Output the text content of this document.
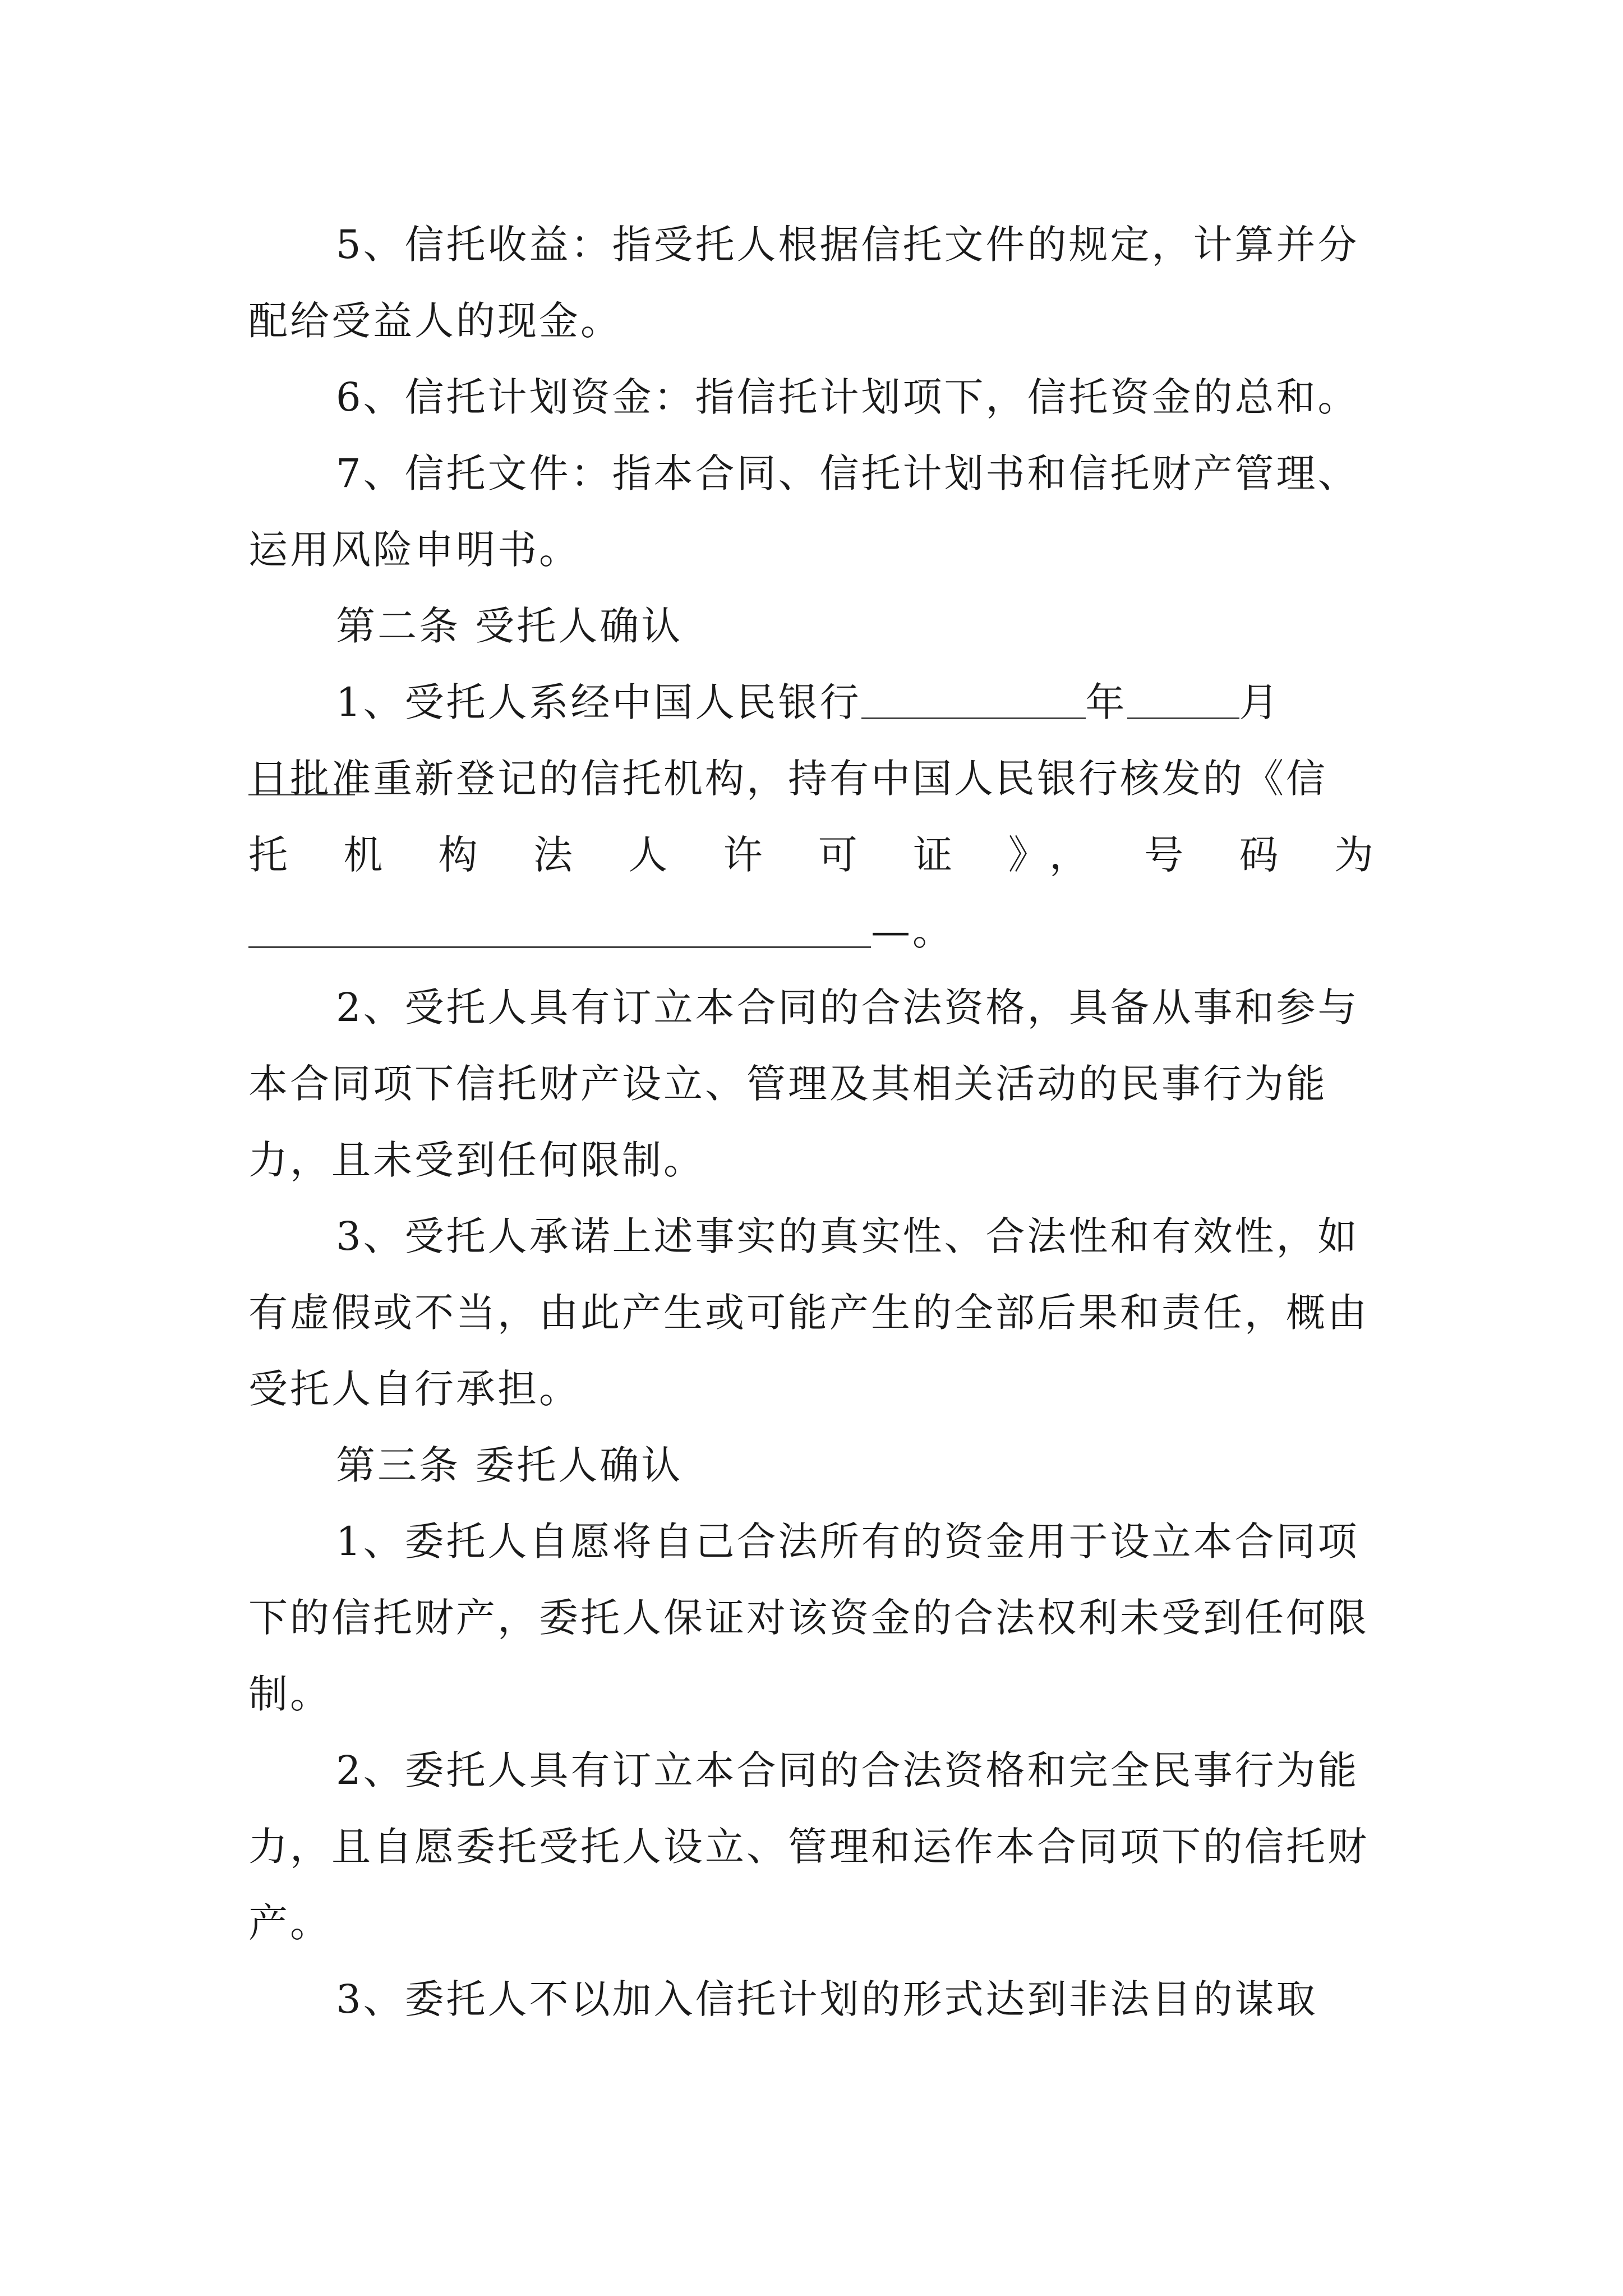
5、信托收益：指受托人根据信托文件的规定，计算并分配给受益人的现金。

6、信托计划资金：指信托计划项下，信托资金的总和。

7、信托文件：指本合同、信托计划书和信托财产管理、运用风险申明书。

第二条 受托人确认

1、受托人系经中国人民银行	年	月
日批准重新登记的信托机构，持有中国人民银行核发的《信
托 机 构 法 人 许 可 证 》， 号 码 为
—。

2、受托人具有订立本合同的合法资格，具备从事和参与本合同项下信托财产设立、管理及其相关活动的民事行为能力，且未受到任何限制。

3、受托人承诺上述事实的真实性、合法性和有效性，如有虚假或不当，由此产生或可能产生的全部后果和责任，概由受托人自行承担。

第三条 委托人确认

1、委托人自愿将自己合法所有的资金用于设立本合同项下的信托财产，委托人保证对该资金的合法权利未受到任何限制。

2、委托人具有订立本合同的合法资格和完全民事行为能力，且自愿委托受托人设立、管理和运作本合同项下的信托财产。

3、委托人不以加入信托计划的形式达到非法目的谋取
